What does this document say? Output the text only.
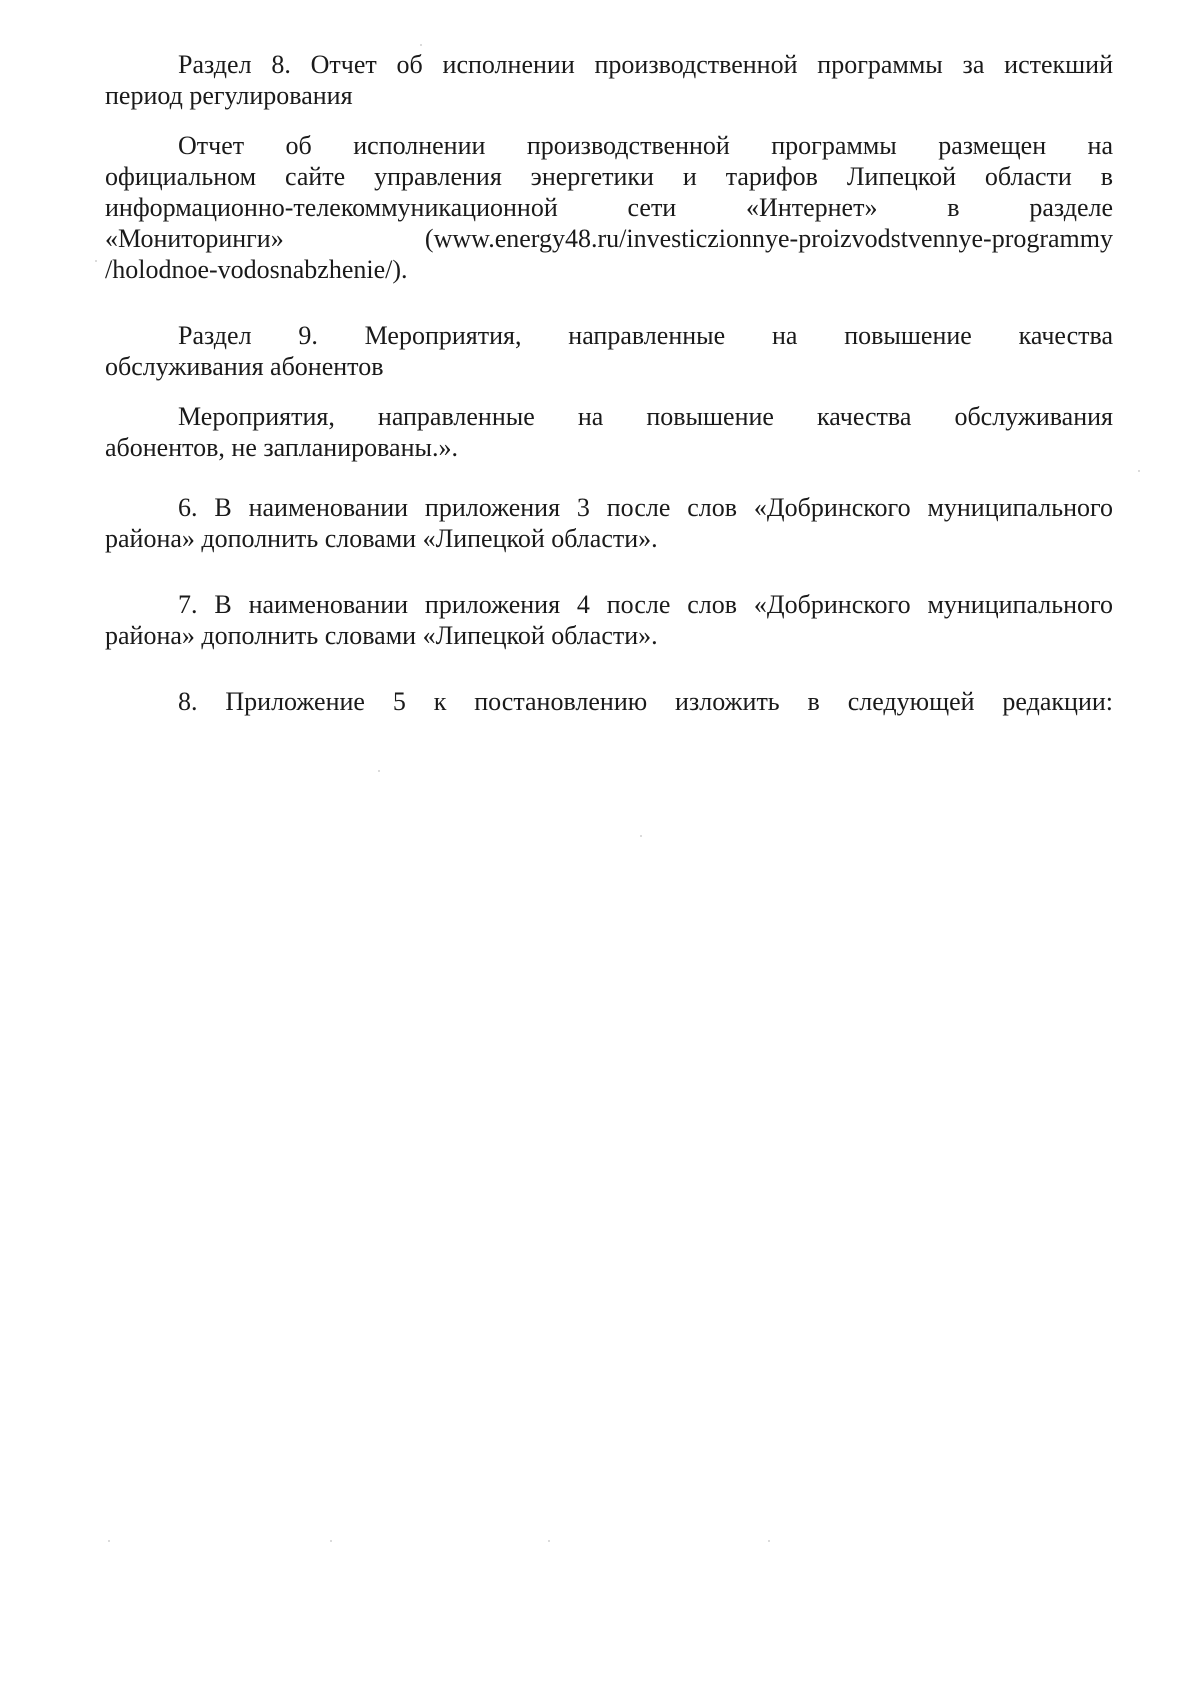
Раздел 8. Отчет об исполнении производственной программы за истекший
период регулирования

Отчет об исполнении производственной программы размещен на
официальном сайте управления энергетики и тарифов Липецкой области в
информационно-телекоммуникационной сети «Интернет» в разделе
«Мониторинги» (www.energy48.ru/investiczionnye-proizvodstvennye-programmy
/holodnoe-vodosnabzhenie/).

Раздел 9. Мероприятия, направленные на повышение качества
обслуживания абонентов

Мероприятия, направленные на повышение качества обслуживания
абонентов, не запланированы.».

6. В наименовании приложения 3 после слов «Добринского муниципального
района» дополнить словами «Липецкой области».

7. В наименовании приложения 4 после слов «Добринского муниципального
района» дополнить словами «Липецкой области».

8. Приложение 5 к постановлению изложить в следующей редакции:
